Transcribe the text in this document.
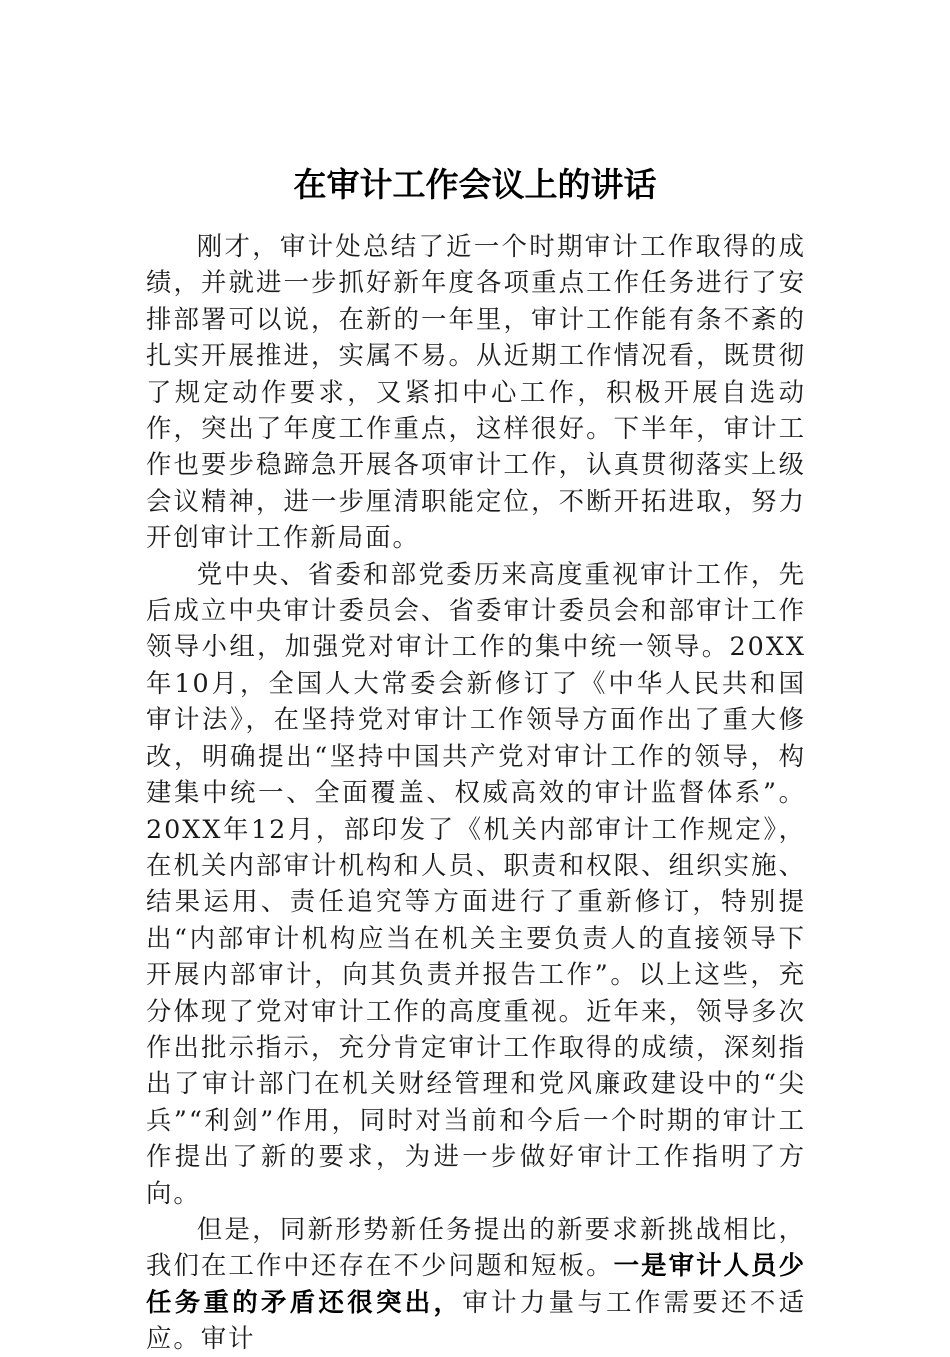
在审计工作会议上的讲话

刚才，审计处总结了近一个时期审计工作取得的成绩，并就进一步抓好新年度各项重点工作任务进行了安排部署可以说，在新的一年里，审计工作能有条不紊的扎实开展推进，实属不易。从近期工作情况看，既贯彻了规定动作要求，又紧扣中心工作，积极开展自选动作，突出了年度工作重点，这样很好。下半年，审计工作也要步稳蹄急开展各项审计工作，认真贯彻落实上级会议精神，进一步厘清职能定位，不断开拓进取，努力开创审计工作新局面。

党中央、省委和部党委历来高度重视审计工作，先后成立中央审计委员会、省委审计委员会和部审计工作领导小组，加强党对审计工作的集中统一领导。20XX年10月，全国人大常委会新修订了《中华人民共和国审计法》，在坚持党对审计工作领导方面作出了重大修改，明确提出“坚持中国共产党对审计工作的领导，构建集中统一、全面覆盖、权威高效的审计监督体系”。20XX年12月，部印发了《机关内部审计工作规定》，在机关内部审计机构和人员、职责和权限、组织实施、结果运用、责任追究等方面进行了重新修订，特别提出“内部审计机构应当在机关主要负责人的直接领导下开展内部审计，向其负责并报告工作”。以上这些，充分体现了党对审计工作的高度重视。近年来，领导多次作出批示指示，充分肯定审计工作取得的成绩，深刻指出了审计部门在机关财经管理和党风廉政建设中的“尖兵”“利剑”作用，同时对当前和今后一个时期的审计工作提出了新的要求，为进一步做好审计工作指明了方向。

但是，同新形势新任务提出的新要求新挑战相比，我们在工作中还存在不少问题和短板。一是审计人员少任务重的矛盾还很突出，审计力量与工作需要还不适应。审计
